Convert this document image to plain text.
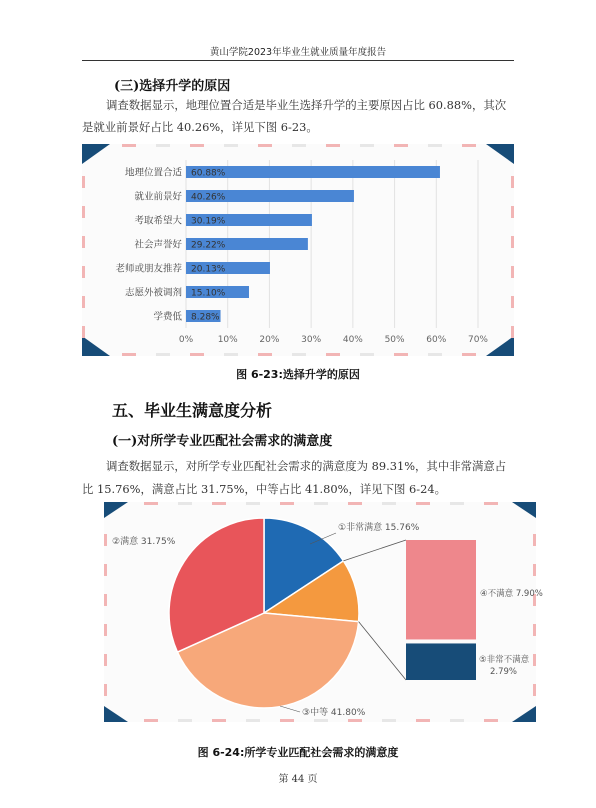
黄山学院2023年毕业生就业质量年度报告
(三)选择升学的原因
调查数据显示，地理位置合适是毕业生选择升学的主要原因占比 60.88%，其次
是就业前景好占比 40.26%，详见下图 6-23。
0%	10% 20% 30% 40% 50% 60% 70%
地理位置合适 60.88%
就业前景好 40.26%
考取希望大 30.19%
社会声誉好 29.22%
老师或朋友推荐 20.13%
志愿外被调剂 15.10%
学费低 8.28%
图 6-23:选择升学的原因
五、毕业生满意度分析
(一)对所学专业匹配社会需求的满意度
调查数据显示，对所学专业匹配社会需求的满意度为 89.31%，其中非常满意占
比 15.76%，满意占比 31.75%，中等占比 41.80%，详见下图 6-24。
①非常满意 15.76%
②满意 31.75%
③中等 41.80%
④不满意 7.90%
⑤非常不满意
2.79%
图 6-24:所学专业匹配社会需求的满意度
第 44 页
